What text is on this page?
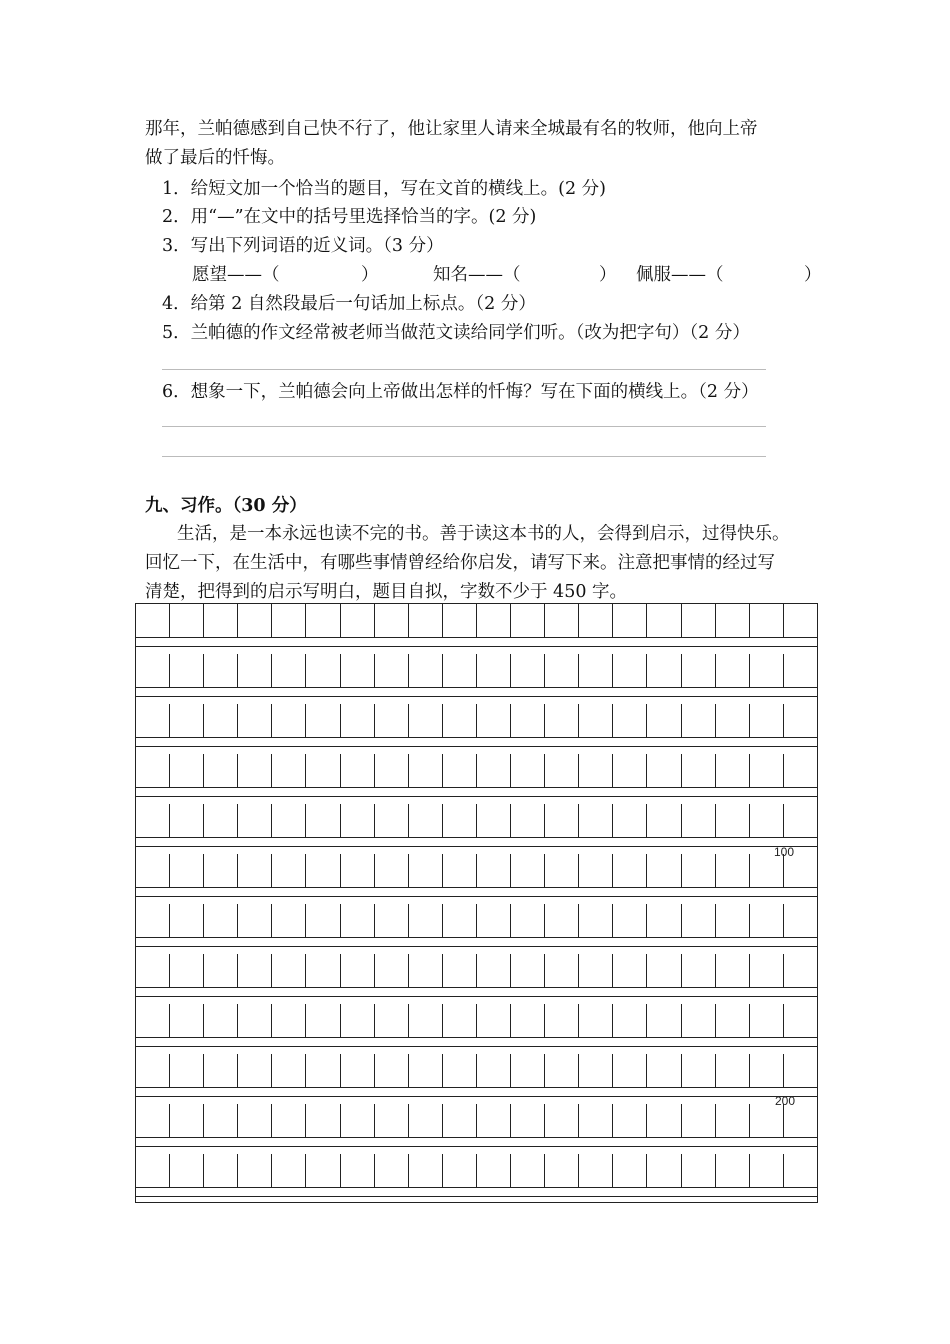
那年，兰帕德感到自己快不行了，他让家里人请来全城最有名的牧师，他向上帝
做了最后的忏悔。
1．给短文加一个恰当的题目，写在文首的横线上。(2 分)
2．用“—”在文中的括号里选择恰当的字。(2 分)
3．写出下列词语的近义词。（3 分）
愿望——（	）	知名——（	） 佩服——（	）
4．给第 2 自然段最后一句话加上标点。（2 分）
5．兰帕德的作文经常被老师当做范文读给同学们听。（改为把字句）（2 分）
6．想象一下，兰帕德会向上帝做出怎样的忏悔？写在下面的横线上。（2 分）
九、习作。（30 分）
生活，是一本永远也读不完的书。善于读这本书的人，会得到启示，过得快乐。
回忆一下，在生活中，有哪些事情曾经给你启发，请写下来。注意把事情的经过写
清楚，把得到的启示写明白，题目自拟，字数不少于 450 字。
100
200
